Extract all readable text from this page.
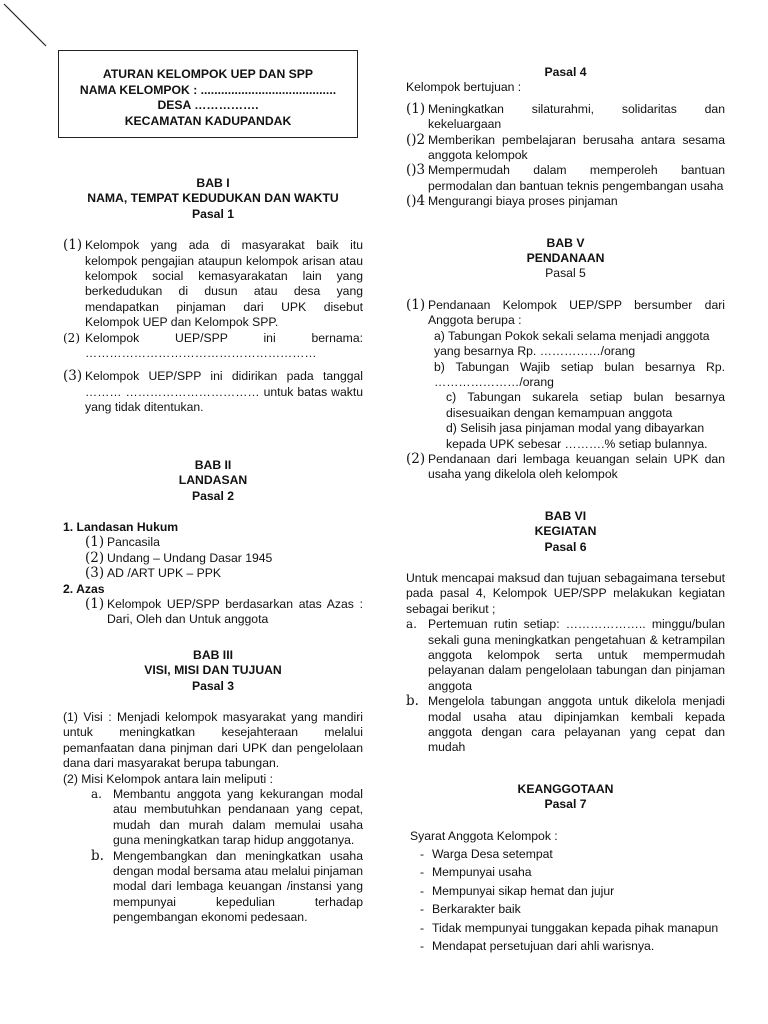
ATURAN KELOMPOK UEP DAN SPP
NAMA KELOMPOK : ........................................
DESA …………….
KECAMATAN KADUPANDAK
BAB I
NAMA, TEMPAT KEDUDUKAN DAN WAKTU
Pasal 1
(1) Kelompok yang ada di masyarakat baik itu kelompok pengajian ataupun kelompok arisan atau kelompok social kemasyarakatan lain yang berkedudukan di dusun atau desa yang mendapatkan pinjaman dari UPK disebut Kelompok UEP dan Kelompok SPP.
(2) Kelompok UEP/SPP ini bernama: …………………………………………………
(3) Kelompok UEP/SPP ini didirikan pada tanggal ……… …………………………… untuk batas waktu yang tidak ditentukan.
BAB II
LANDASAN
Pasal 2
1. Landasan Hukum
(1) Pancasila
(2) Undang – Undang Dasar 1945
(3) AD /ART UPK – PPK
2. Azas
(1) Kelompok UEP/SPP berdasarkan atas Azas : Dari, Oleh dan Untuk anggota
BAB III
VISI, MISI DAN TUJUAN
Pasal 3

(1) Visi : Menjadi kelompok masyarakat yang mandiri untuk meningkatkan kesejahteraan melalui pemanfaatan dana pinjman dari UPK dan pengelolaan dana dari masyarakat berupa tabungan.

(2) Misi Kelompok antara lain meliputi :

a. Membantu anggota yang kekurangan modal atau membutuhkan pendanaan yang cepat, mudah dan murah dalam memulai usaha guna meningkatkan tarap hidup anggotanya.
b. Mengembangkan dan meningkatkan usaha dengan modal bersama atau melalui pinjaman modal dari lembaga keuangan /instansi yang mempunyai kepedulian terhadap pengembangan ekonomi pedesaan.
Pasal 4

Kelompok bertujuan :

(1) Meningkatkan silaturahmi, solidaritas dan kekeluargaan
()2 Memberikan pembelajaran berusaha antara sesama anggota kelompok
()3 Mempermudah dalam memperoleh bantuan permodalan dan bantuan teknis pengembangan usaha
()4 Mengurangi biaya proses pinjaman
BAB V
PENDANAAN
Pasal 5
(1) Pendanaan Kelompok UEP/SPP bersumber dari Anggota berupa :

a) Tabungan Pokok sekali selama menjadi anggota yang besarnya Rp. ……………/orang

b) Tabungan Wajib setiap bulan besarnya Rp. …………………/orang

c) Tabungan sukarela setiap bulan besarnya disesuaikan dengan kemampuan anggota

d) Selisih jasa pinjaman modal yang dibayarkan kepada UPK sebesar ……….% setiap bulannya.

(2) Pendanaan dari lembaga keuangan selain UPK dan usaha yang dikelola oleh kelompok
BAB VI
KEGIATAN
Pasal 6

Untuk mencapai maksud dan tujuan sebagaimana tersebut pada pasal 4, Kelompok UEP/SPP melakukan kegiatan sebagai berikut ;

a. Pertemuan rutin setiap: ……………….. minggu/bulan sekali guna meningkatkan pengetahuan & ketrampilan anggota kelompok serta untuk mempermudah pelayanan dalam pengelolaan tabungan dan pinjaman anggota
b. Mengelola tabungan anggota untuk dikelola menjadi modal usaha atau dipinjamkan kembali kepada anggota dengan cara pelayanan yang cepat dan mudah
KEANGGOTAAN
Pasal 7

Syarat Anggota Kelompok :

- Warga Desa setempat
- Mempunyai usaha
- Mempunyai sikap hemat dan jujur
- Berkarakter baik
- Tidak mempunyai tunggakan kepada pihak manapun
- Mendapat persetujuan dari ahli warisnya.
